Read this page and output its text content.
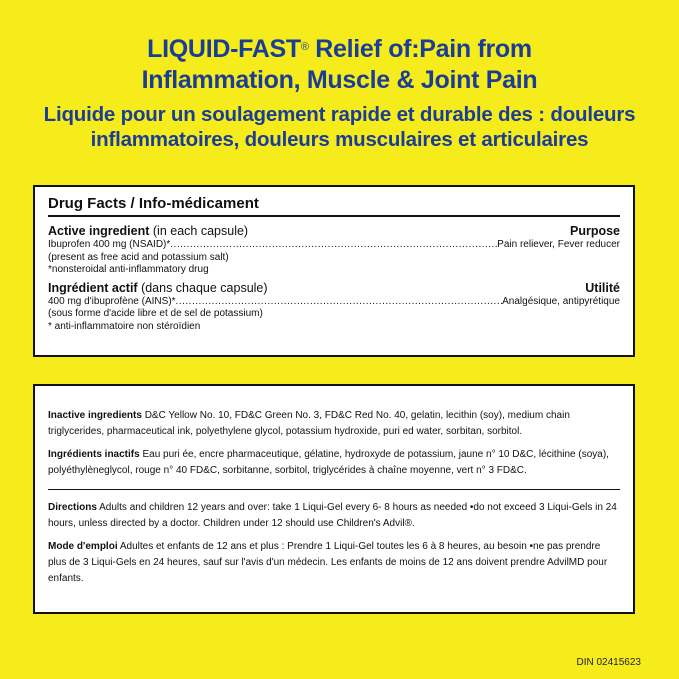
LIQUID-FAST® Relief of:Pain from
Inflammation, Muscle & Joint Pain
Liquide pour un soulagement rapide et durable des : douleurs
inflammatoires, douleurs musculaires et articulaires
Drug Facts / Info-médicament
Active ingredient (in each capsule)	Purpose
Ibuprofen 400 mg (NSAID)* .....	Pain reliever, Fever reducer
(present as free acid and potassium salt)
*nonsteroidal anti-inflammatory drug
Ingrédient actif (dans chaque capsule)	Utilité
400 mg d'ibuprofène (AINS)* .....	Analgésique, antipyrétique
(sous forme d'acide libre et de sel de potassium)
* anti-inflammatoire non stéroïdien

Inactive ingredients D&C Yellow No. 10, FD&C Green No. 3, FD&C Red No. 40, gelatin, lecithin (soy), medium chain triglycerides, pharmaceutical ink, polyethylene glycol, potassium hydroxide, puri ed water, sorbitan, sorbitol.

Ingrédients inactifs Eau puri ée, encre pharmaceutique, gélatine, hydroxyde de potassium, jaune n° 10 D&C, lécithine (soya), polyéthylèneglycol, rouge n° 40 FD&C, sorbitanne, sorbitol, triglycérides à chaîne moyenne, vert n° 3 FD&C.

Directions Adults and children 12 years and over: take 1 Liqui-Gel every 6- 8 hours as needed •do not exceed 3 Liqui-Gels in 24 hours, unless directed by a doctor. Children under 12 should use Children's Advil®.

Mode d'emploi Adultes et enfants de 12 ans et plus : Prendre 1 Liqui-Gel toutes les 6 à 8 heures, au besoin •ne pas prendre plus de 3 Liqui-Gels en 24 heures, sauf sur l'avis d'un médecin. Les enfants de moins de 12 ans doivent prendre AdvilMD pour enfants.

DIN 02415623
